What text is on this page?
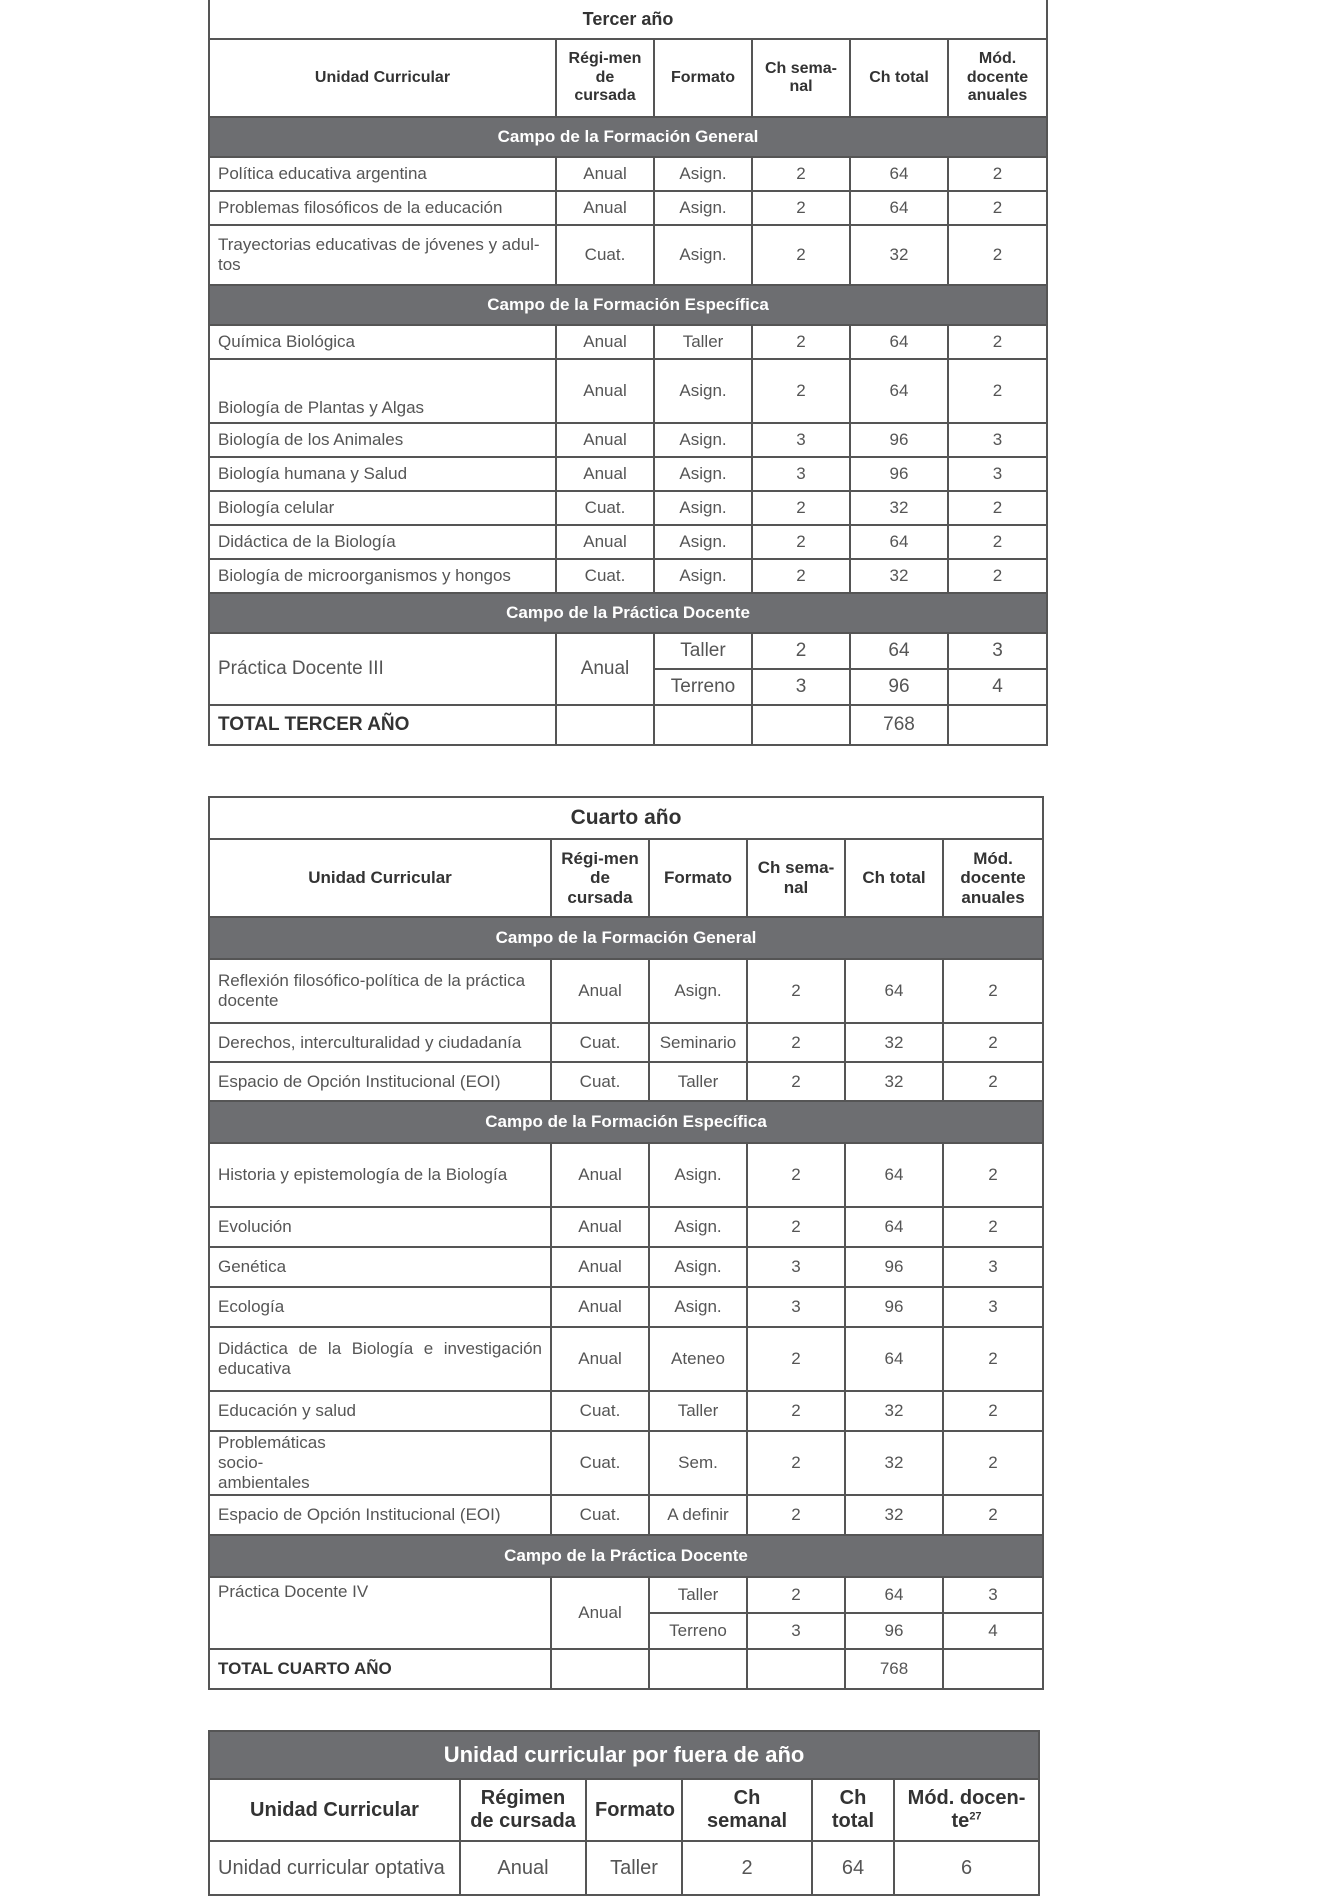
Tercer año					
Unidad Curricular	Régi-men de cursada	Formato	Ch sema-nal	Ch total	Mód. docente anuales
Campo de la Formación General					
Política educativa argentina	Anual	Asign.	2	64	2
Problemas filosóficos de la educación	Anual	Asign.	2	64	2
Trayectorias educativas de jóvenes y adul-tos	Cuat.	Asign.	2	32	2
Campo de la Formación Específica					
Química Biológica	Anual	Taller	2	64	2
Biología de Plantas y Algas	Anual	Asign.	2	64	2
Biología de los Animales	Anual	Asign.	3	96	3
Biología humana y Salud	Anual	Asign.	3	96	3
Biología celular	Cuat.	Asign.	2	32	2
Didáctica de la Biología	Anual	Asign.	2	64	2
Biología de microorganismos y hongos	Cuat.	Asign.	2	32	2
Campo de la Práctica Docente					
Práctica Docente III	Anual	Taller	2	64	3
		Terreno	3	96	4
TOTAL TERCER AÑO				768	
Cuarto año					
Unidad Curricular	Régi-men de cursada	Formato	Ch sema-nal	Ch total	Mód. docente anuales
Campo de la Formación General					
Reflexión filosófico-política de la práctica docente	Anual	Asign.	2	64	2
Derechos, interculturalidad y ciudadanía	Cuat.	Seminario	2	32	2
Espacio de Opción Institucional (EOI)	Cuat.	Taller	2	32	2
Campo de la Formación Específica					
Historia y epistemología de la Biología	Anual	Asign.	2	64	2
Evolución	Anual	Asign.	2	64	2
Genética	Anual	Asign.	3	96	3
Ecología	Anual	Asign.	3	96	3
Didáctica de la Biología e investigación educativa	Anual	Ateneo	2	64	2
Educación y salud	Cuat.	Taller	2	32	2
Problemáticas socio-ambientales	Cuat.	Sem.	2	32	2
Espacio de Opción Institucional (EOI)	Cuat.	A definir	2	32	2
Campo de la Práctica Docente					
Práctica Docente IV	Anual	Taller	2	64	3
		Terreno	3	96	4
TOTAL CUARTO AÑO				768	
Unidad curricular por fuera de año					
Unidad Curricular	Régimen de cursada	Formato	Ch semanal	Ch total	Mód. docen-$te^{27}$
Unidad curricular optativa	Anual	Taller	2	64	6
